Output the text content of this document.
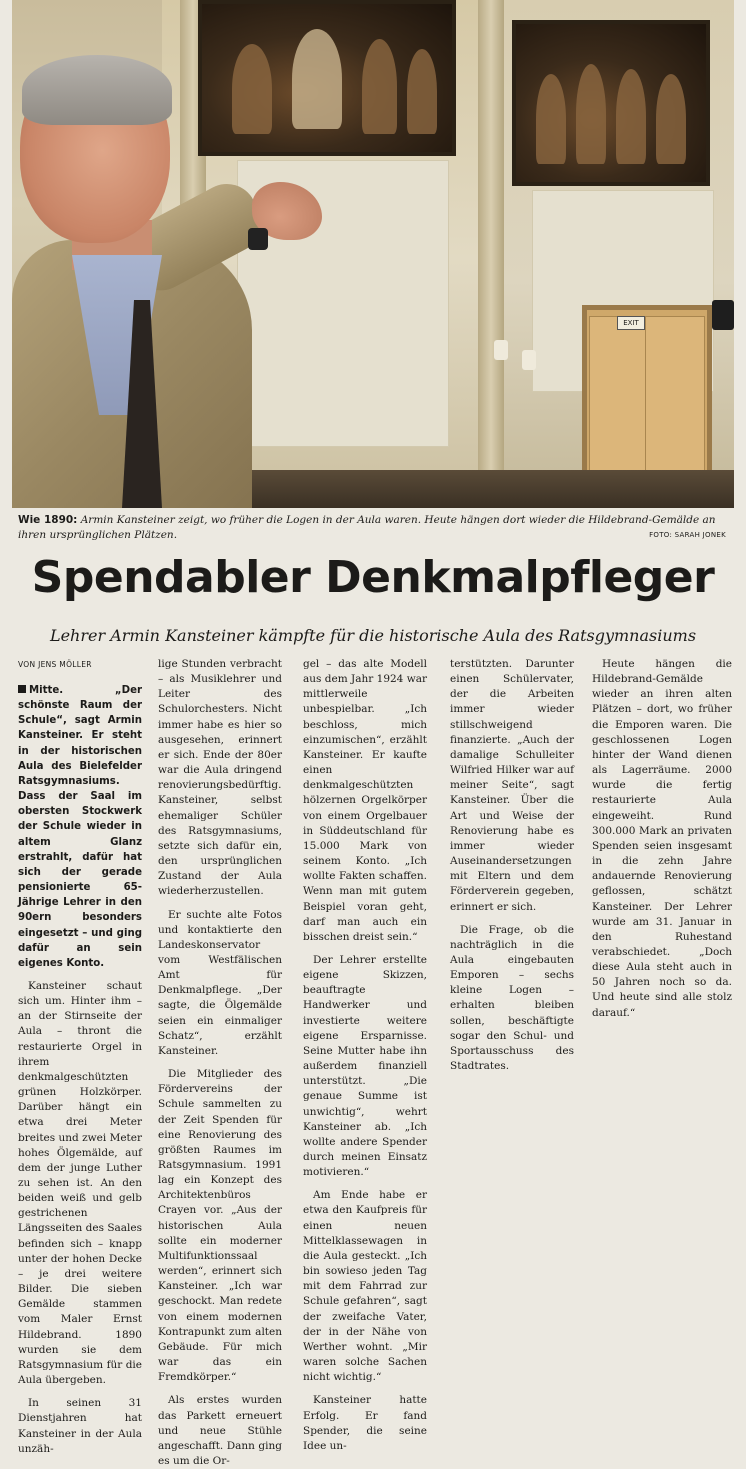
EXIT
Wie 1890: Armin Kansteiner zeigt, wo früher die Logen in der Aula waren. Heute hängen dort wieder die Hildebrand-Gemälde an ihren ursprünglichen Plätzen.	FOTO: SARAH JONEK
Spendabler Denkmalpfleger
Lehrer Armin Kansteiner kämpfte für die historische Aula des Ratsgymnasiums
VON JENS MÖLLER

Mitte. „Der schönste Raum der Schule“, sagt Armin Kansteiner. Er steht in der historischen Aula des Bielefelder Ratsgymnasiums. Dass der Saal im obersten Stockwerk der Schule wieder in altem Glanz erstrahlt, dafür hat sich der gerade pensionierte 65-Jährige Lehrer in den 90ern besonders eingesetzt – und ging dafür an sein eigenes Konto.

Kansteiner schaut sich um. Hinter ihm – an der Stirnseite der Aula – thront die restaurierte Orgel in ihrem denkmalgeschützten grünen Holzkörper. Darüber hängt ein etwa drei Meter breites und zwei Meter hohes Ölgemälde, auf dem der junge Luther zu sehen ist. An den beiden weiß und gelb gestrichenen Längsseiten des Saales befinden sich – knapp unter der hohen Decke – je drei weitere Bilder. Die sieben Gemälde stammen vom Maler Ernst Hildebrand. 1890 wurden sie dem Ratsgymnasium für die Aula übergeben.

In seinen 31 Dienstjahren hat Kansteiner in der Aula unzäh-

lige Stunden verbracht – als Musiklehrer und Leiter des Schulorchesters. Nicht immer habe es hier so ausgesehen, erinnert er sich. Ende der 80er war die Aula dringend renovierungsbedürftig. Kansteiner, selbst ehemaliger Schüler des Ratsgymnasiums, setzte sich dafür ein, den ursprünglichen Zustand der Aula wiederherzustellen.

Er suchte alte Fotos und kontaktierte den Landeskonservator vom Westfälischen Amt für Denkmalpflege. „Der sagte, die Ölgemälde seien ein einmaliger Schatz“, erzählt Kansteiner.

Die Mitglieder des Fördervereins der Schule sammelten zu der Zeit Spenden für eine Renovierung des größten Raumes im Ratsgymnasium. 1991 lag ein Konzept des Architektenbüros Crayen vor. „Aus der historischen Aula sollte ein moderner Multifunktionssaal werden“, erinnert sich Kansteiner. „Ich war geschockt. Man redete von einem modernen Kontrapunkt zum alten Gebäude. Für mich war das ein Fremdkörper.“

Als erstes wurden das Parkett erneuert und neue Stühle angeschafft. Dann ging es um die Or-

gel – das alte Modell aus dem Jahr 1924 war mittlerweile unbespielbar. „Ich beschloss, mich einzumischen“, erzählt Kansteiner. Er kaufte einen denkmalgeschützten hölzernen Orgelkörper von einem Orgelbauer in Süddeutschland für 15.000 Mark von seinem Konto. „Ich wollte Fakten schaffen. Wenn man mit gutem Beispiel voran geht, darf man auch ein bisschen dreist sein.“

Der Lehrer erstellte eigene Skizzen, beauftragte Handwerker und investierte weitere eigene Ersparnisse. Seine Mutter habe ihn außerdem finanziell unterstützt. „Die genaue Summe ist unwichtig“, wehrt Kansteiner ab. „Ich wollte andere Spender durch meinen Einsatz motivieren.“

Am Ende habe er etwa den Kaufpreis für einen neuen Mittelklassewagen in die Aula gesteckt. „Ich bin sowieso jeden Tag mit dem Fahrrad zur Schule gefahren“, sagt der zweifache Vater, der in der Nähe von Werther wohnt. „Mir waren solche Sachen nicht wichtig.“

Kansteiner hatte Erfolg. Er fand Spender, die seine Idee un-

terstützten. Darunter einen Schülervater, der die Arbeiten immer wieder stillschweigend finanzierte. „Auch der damalige Schulleiter Wilfried Hilker war auf meiner Seite“, sagt Kansteiner. Über die Art und Weise der Renovierung habe es immer wieder Auseinandersetzungen mit Eltern und dem Förderverein gegeben, erinnert er sich.

Die Frage, ob die nachträglich in die Aula eingebauten Emporen – sechs kleine Logen – erhalten bleiben sollen, beschäftigte sogar den Schul- und Sportausschuss des Stadtrates.

Heute hängen die Hildebrand-Gemälde wieder an ihren alten Plätzen – dort, wo früher die Emporen waren. Die geschlossenen Logen hinter der Wand dienen als Lagerräume. 2000 wurde die fertig restaurierte Aula eingeweiht. Rund 300.000 Mark an privaten Spenden seien insgesamt in die zehn Jahre andauernde Renovierung geflossen, schätzt Kansteiner. Der Lehrer wurde am 31. Januar in den Ruhestand verabschiedet. „Doch diese Aula steht auch in 50 Jahren noch so da. Und heute sind alle stolz darauf.“
